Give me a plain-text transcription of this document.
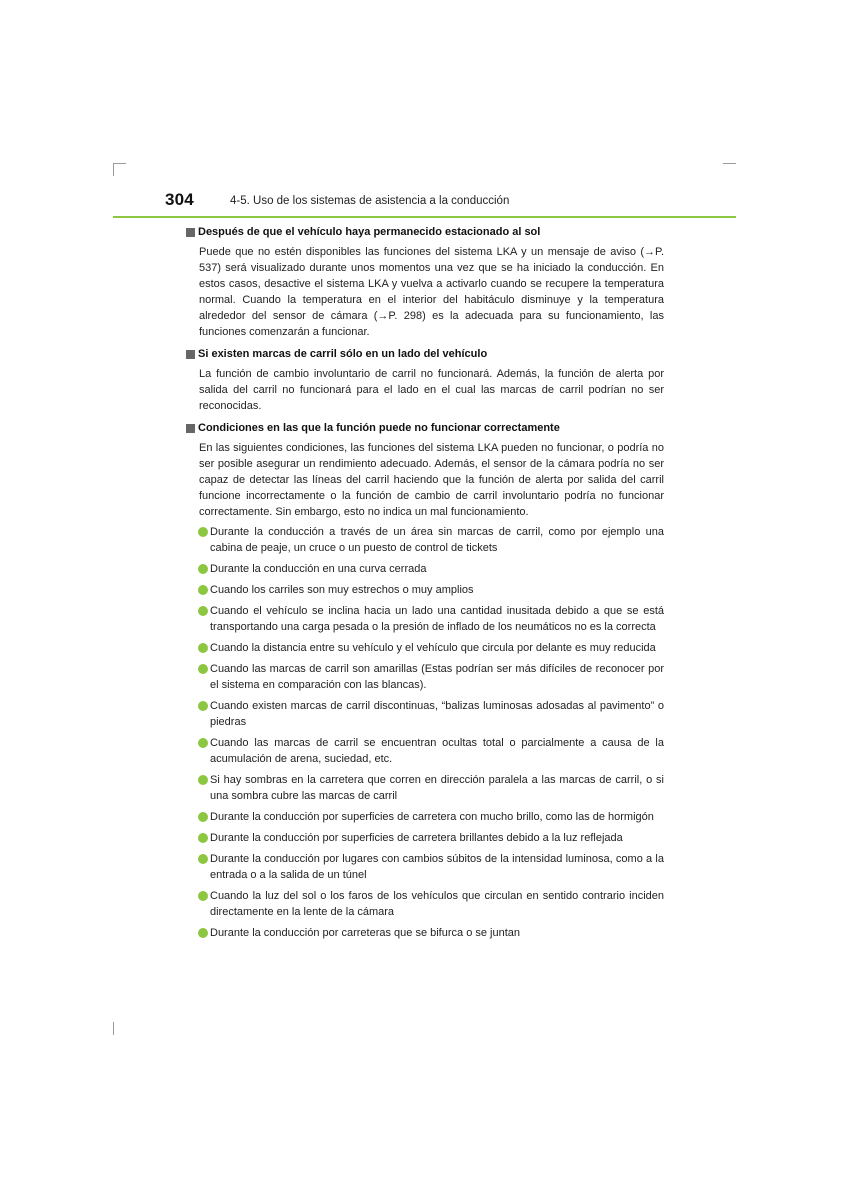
304	4-5. Uso de los sistemas de asistencia a la conducción
Después de que el vehículo haya permanecido estacionado al sol
Puede que no estén disponibles las funciones del sistema LKA y un mensaje de aviso (→P. 537) será visualizado durante unos momentos una vez que se ha iniciado la conducción. En estos casos, desactive el sistema LKA y vuelva a activarlo cuando se recupere la temperatura normal. Cuando la temperatura en el interior del habitáculo disminuye y la temperatura alrededor del sensor de cámara (→P. 298) es la adecuada para su funcionamiento, las funciones comenzarán a funcionar.
Si existen marcas de carril sólo en un lado del vehículo
La función de cambio involuntario de carril no funcionará. Además, la función de alerta por salida del carril no funcionará para el lado en el cual las marcas de carril podrían no ser reconocidas.
Condiciones en las que la función puede no funcionar correctamente
En las siguientes condiciones, las funciones del sistema LKA pueden no funcionar, o podría no ser posible asegurar un rendimiento adecuado. Además, el sensor de la cámara podría no ser capaz de detectar las líneas del carril haciendo que la función de alerta por salida del carril funcione incorrectamente o la función de cambio de carril involuntario podría no funcionar correctamente. Sin embargo, esto no indica un mal funcionamiento.
Durante la conducción a través de un área sin marcas de carril, como por ejemplo una cabina de peaje, un cruce o un puesto de control de tickets
Durante la conducción en una curva cerrada
Cuando los carriles son muy estrechos o muy amplios
Cuando el vehículo se inclina hacia un lado una cantidad inusitada debido a que se está transportando una carga pesada o la presión de inflado de los neumáticos no es la correcta
Cuando la distancia entre su vehículo y el vehículo que circula por delante es muy reducida
Cuando las marcas de carril son amarillas (Estas podrían ser más difíciles de reconocer por el sistema en comparación con las blancas).
Cuando existen marcas de carril discontinuas, “balizas luminosas adosadas al pavimento” o piedras
Cuando las marcas de carril se encuentran ocultas total o parcialmente a causa de la acumulación de arena, suciedad, etc.
Si hay sombras en la carretera que corren en dirección paralela a las marcas de carril, o si una sombra cubre las marcas de carril
Durante la conducción por superficies de carretera con mucho brillo, como las de hormigón
Durante la conducción por superficies de carretera brillantes debido a la luz reflejada
Durante la conducción por lugares con cambios súbitos de la intensidad luminosa, como a la entrada o a la salida de un túnel
Cuando la luz del sol o los faros de los vehículos que circulan en sentido contrario inciden directamente en la lente de la cámara
Durante la conducción por carreteras que se bifurca o se juntan
